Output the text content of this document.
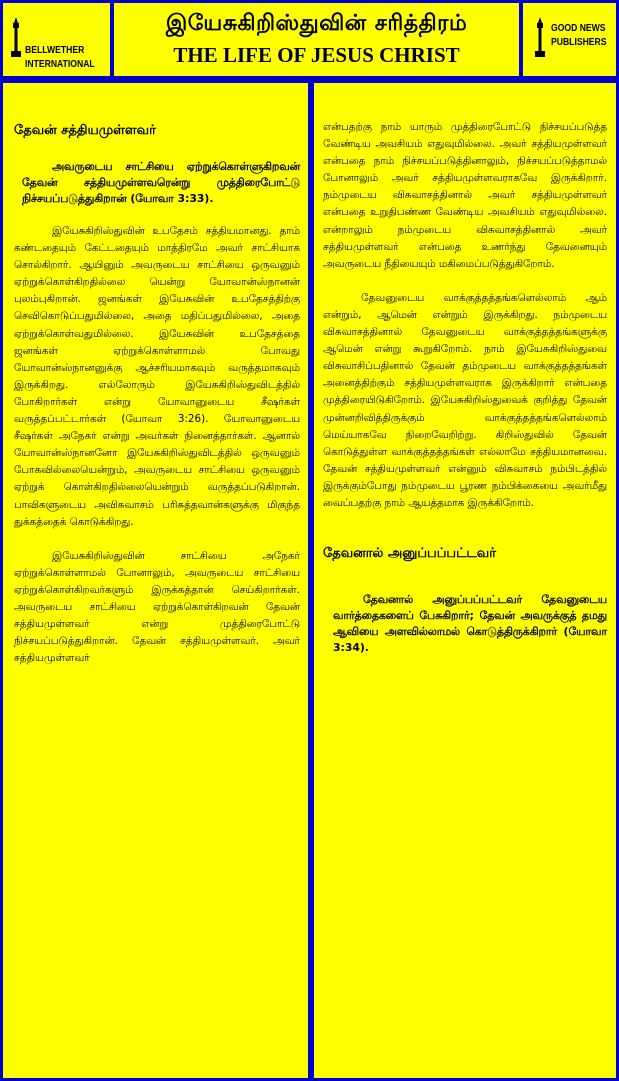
BELLWETHER
INTERNATIONAL
இயேசுகிறிஸ்துவின் சரித்திரம்
THE LIFE OF JESUS CHRIST
GOOD NEWS
PUBLISHERS
தேவன் சத்தியமுள்ளவர்

அவருடைய சாட்சியை ஏற்றுக்கொள்ளுகிறவன் தேவன் சத்தியமுள்ளவரென்று முத்திரைபோட்டு நிச்சயப்படுத்துகிறான் (யோவா 3:33).

இயேசுகிறிஸ்துவின் உபதேசம் சத்தியமானது. தாம் கண்டதையும் கேட்டதையும் மாத்திரமே அவர் சாட்சியாக சொல்கிறார். ஆயினும் அவருடைய சாட்சியை ஒருவனும் ஏற்றுக்கொள்கிறதில்லை யென்று யோவான்ஸ்நானன் புலம்புகிறான். ஜனங்கள் இயேசுவின் உபதேசத்திற்கு செவிகொடுப்பதுமில்லை, அதை மதிப்பதுமில்லை, அதை ஏற்றுக்கொள்வதுமில்லை. இயேசுவின் உபதேசத்தை ஜனங்கள் ஏற்றுக்கொள்ளாமல் போவது யோவான்ஸ்நானனுக்கு ஆச்சரியமாகவும் வருத்தமாகவும் இருக்கிறது. எல்லோரும் இயேசுகிறிஸ்துவிடத்தில் போகிறார்கள் என்று யோவானுடைய சீஷர்கள் வருத்தப்பட்டார்கள் (யோவா 3:26). யோவானுடைய சீஷர்கள் அநேகர் என்று அவர்கள் நினைத்தார்கள். ஆனால் யோவான்ஸ்நானனோ இயேசுகிறிஸ்துவிடத்தில் ஒருவனும் போகவில்லையென்றும், அவருடைய சாட்சியை ஒருவனும் ஏற்றுக் கொள்கிறதில்லையென்றும் வருத்தப்படுகிறான். பாவிகளுடைய அவிசுவாசம் பரிசுத்தவான்களுக்கு மிகுந்த துக்கத்தைக் கொடுக்கிறது.

இயேசுகிறிஸ்துவின் சாட்சியை அநேகர் ஏற்றுக்கொள்ளாமல் போனாலும், அவருடைய சாட்சியை ஏற்றுக்கொள்கிறவர்களும் இருக்கத்தான் செய்கிறார்கள். அவருடைய சாட்சியை ஏற்றுக்கொள்கிறவன் தேவன் சத்தியமுள்ளவர் என்று முத்திரைபோட்டு நிச்சயப்படுத்துகிறான். தேவன் சத்தியமுள்ளவர். அவர் சத்தியமுள்ளவர்

என்பதற்கு நாம் யாரும் முத்திரைபோட்டு நிச்சயப்படுத்த வேண்டிய அவசியம் எதுவுமில்லை. அவர் சத்தியமுள்ளவர் என்பதை நாம் நிச்சயப்படுத்தினாலும், நிச்சயப்படுத்தாமல் போனாலும் அவர் சத்தியமுள்ளவராகவே இருக்கிறார். நம்முடைய விசுவாசத்தினால் அவர் சத்தியமுள்ளவர் என்பதை உறுதிபண்ண வேண்டிய அவசியம் எதுவுமில்லை. என்றாலும் நம்முடைய விசுவாசத்தினால் அவர் சத்தியமுள்ளவர் என்பதை உணர்ந்து தேவனையும் அவருடைய நீதியையும் மகிமைப்படுத்துகிறோம்.

தேவனுடைய வாக்குத்தத்தங்களெல்லாம் ஆம் என்றும், ஆமென் என்றும் இருக்கிறது. நம்முடைய விசுவாசத்தினால் தேவனுடைய வாக்குத்தத்தங்களுக்கு ஆமென் என்று கூறுகிறோம். நாம் இயேசுகிறிஸ்துவை விசுவாசிப்பதினால் தேவன் தம்முடைய வாக்குத்தத்தங்கள் அனைத்திற்கும் சத்தியமுள்ளவராக இருக்கிறார் என்பதை முத்திரையிடுகிறோம். இயேசுகிறிஸ்துவைக் குறித்து தேவன் முன்னறிவித்திருக்கும் வாக்குத்தத்தங்களெல்லாம் மெய்யாகவே நிறைவேறிற்று. கிறிஸ்துவில் தேவன் கொடுத்துள்ள வாக்குத்தத்தங்கள் எல்லாமே சத்தியமானவை. தேவன் சத்தியமுள்ளவர் என்னும் விசுவாசம் நம்பிடத்தில் இருக்கும்போது நம்முடைய பூரண நம்பிக்கையை அவர்மீது வைப்பதற்கு நாம் ஆயத்தமாக இருக்கிறோம்.

தேவனால் அனுப்பப்பட்டவர்

தேவனால் அனுப்பப்பட்டவர் தேவனுடைய வார்த்தைகளைப் பேசுகிறார்; தேவன் அவருக்குத் தமது ஆவியை அளவில்லாமல் கொடுத்திருக்கிறார் (யோவா 3:34).
